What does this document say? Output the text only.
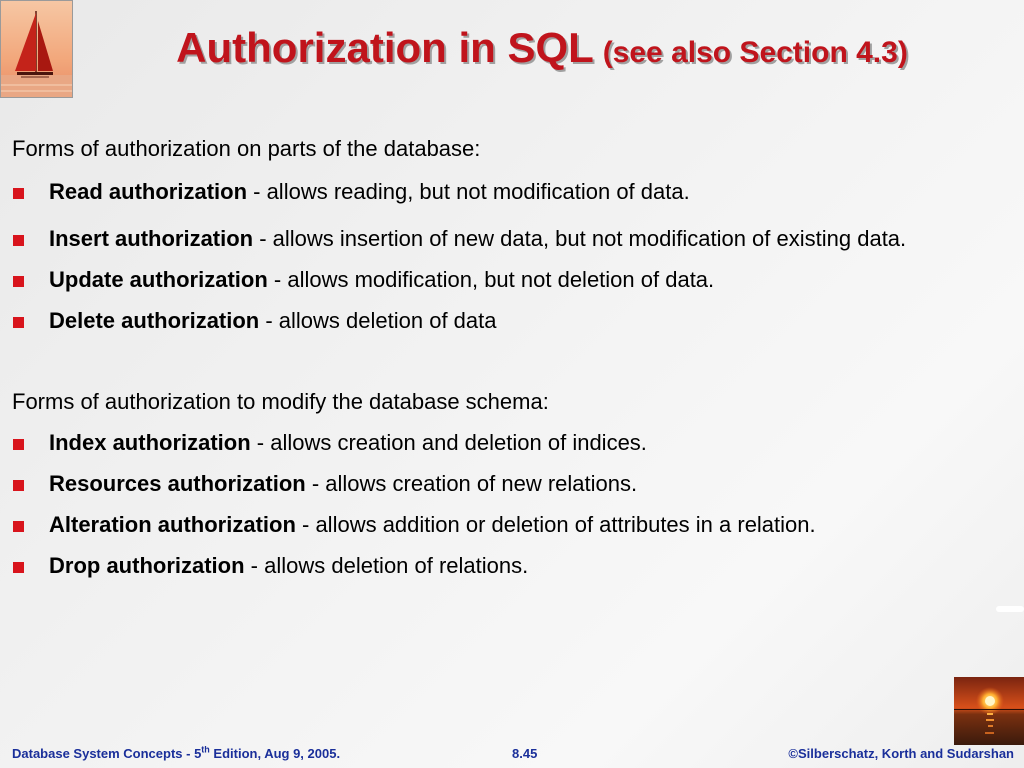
Authorization in SQL (see also Section 4.3)

Forms of authorization on parts of the database:

Read authorization - allows reading, but not modification of data.
Insert authorization - allows insertion of new data, but not modification of existing data.
Update authorization - allows modification, but not deletion of data.
Delete authorization - allows deletion of data

Forms of authorization to modify the database schema:

Index authorization - allows creation and deletion of indices.
Resources authorization - allows creation of new relations.
Alteration authorization - allows addition or deletion of attributes in a relation.
Drop authorization - allows deletion of relations.
Database System Concepts - 5th Edition, Aug 9, 2005.	8.45	©Silberschatz, Korth and Sudarshan
